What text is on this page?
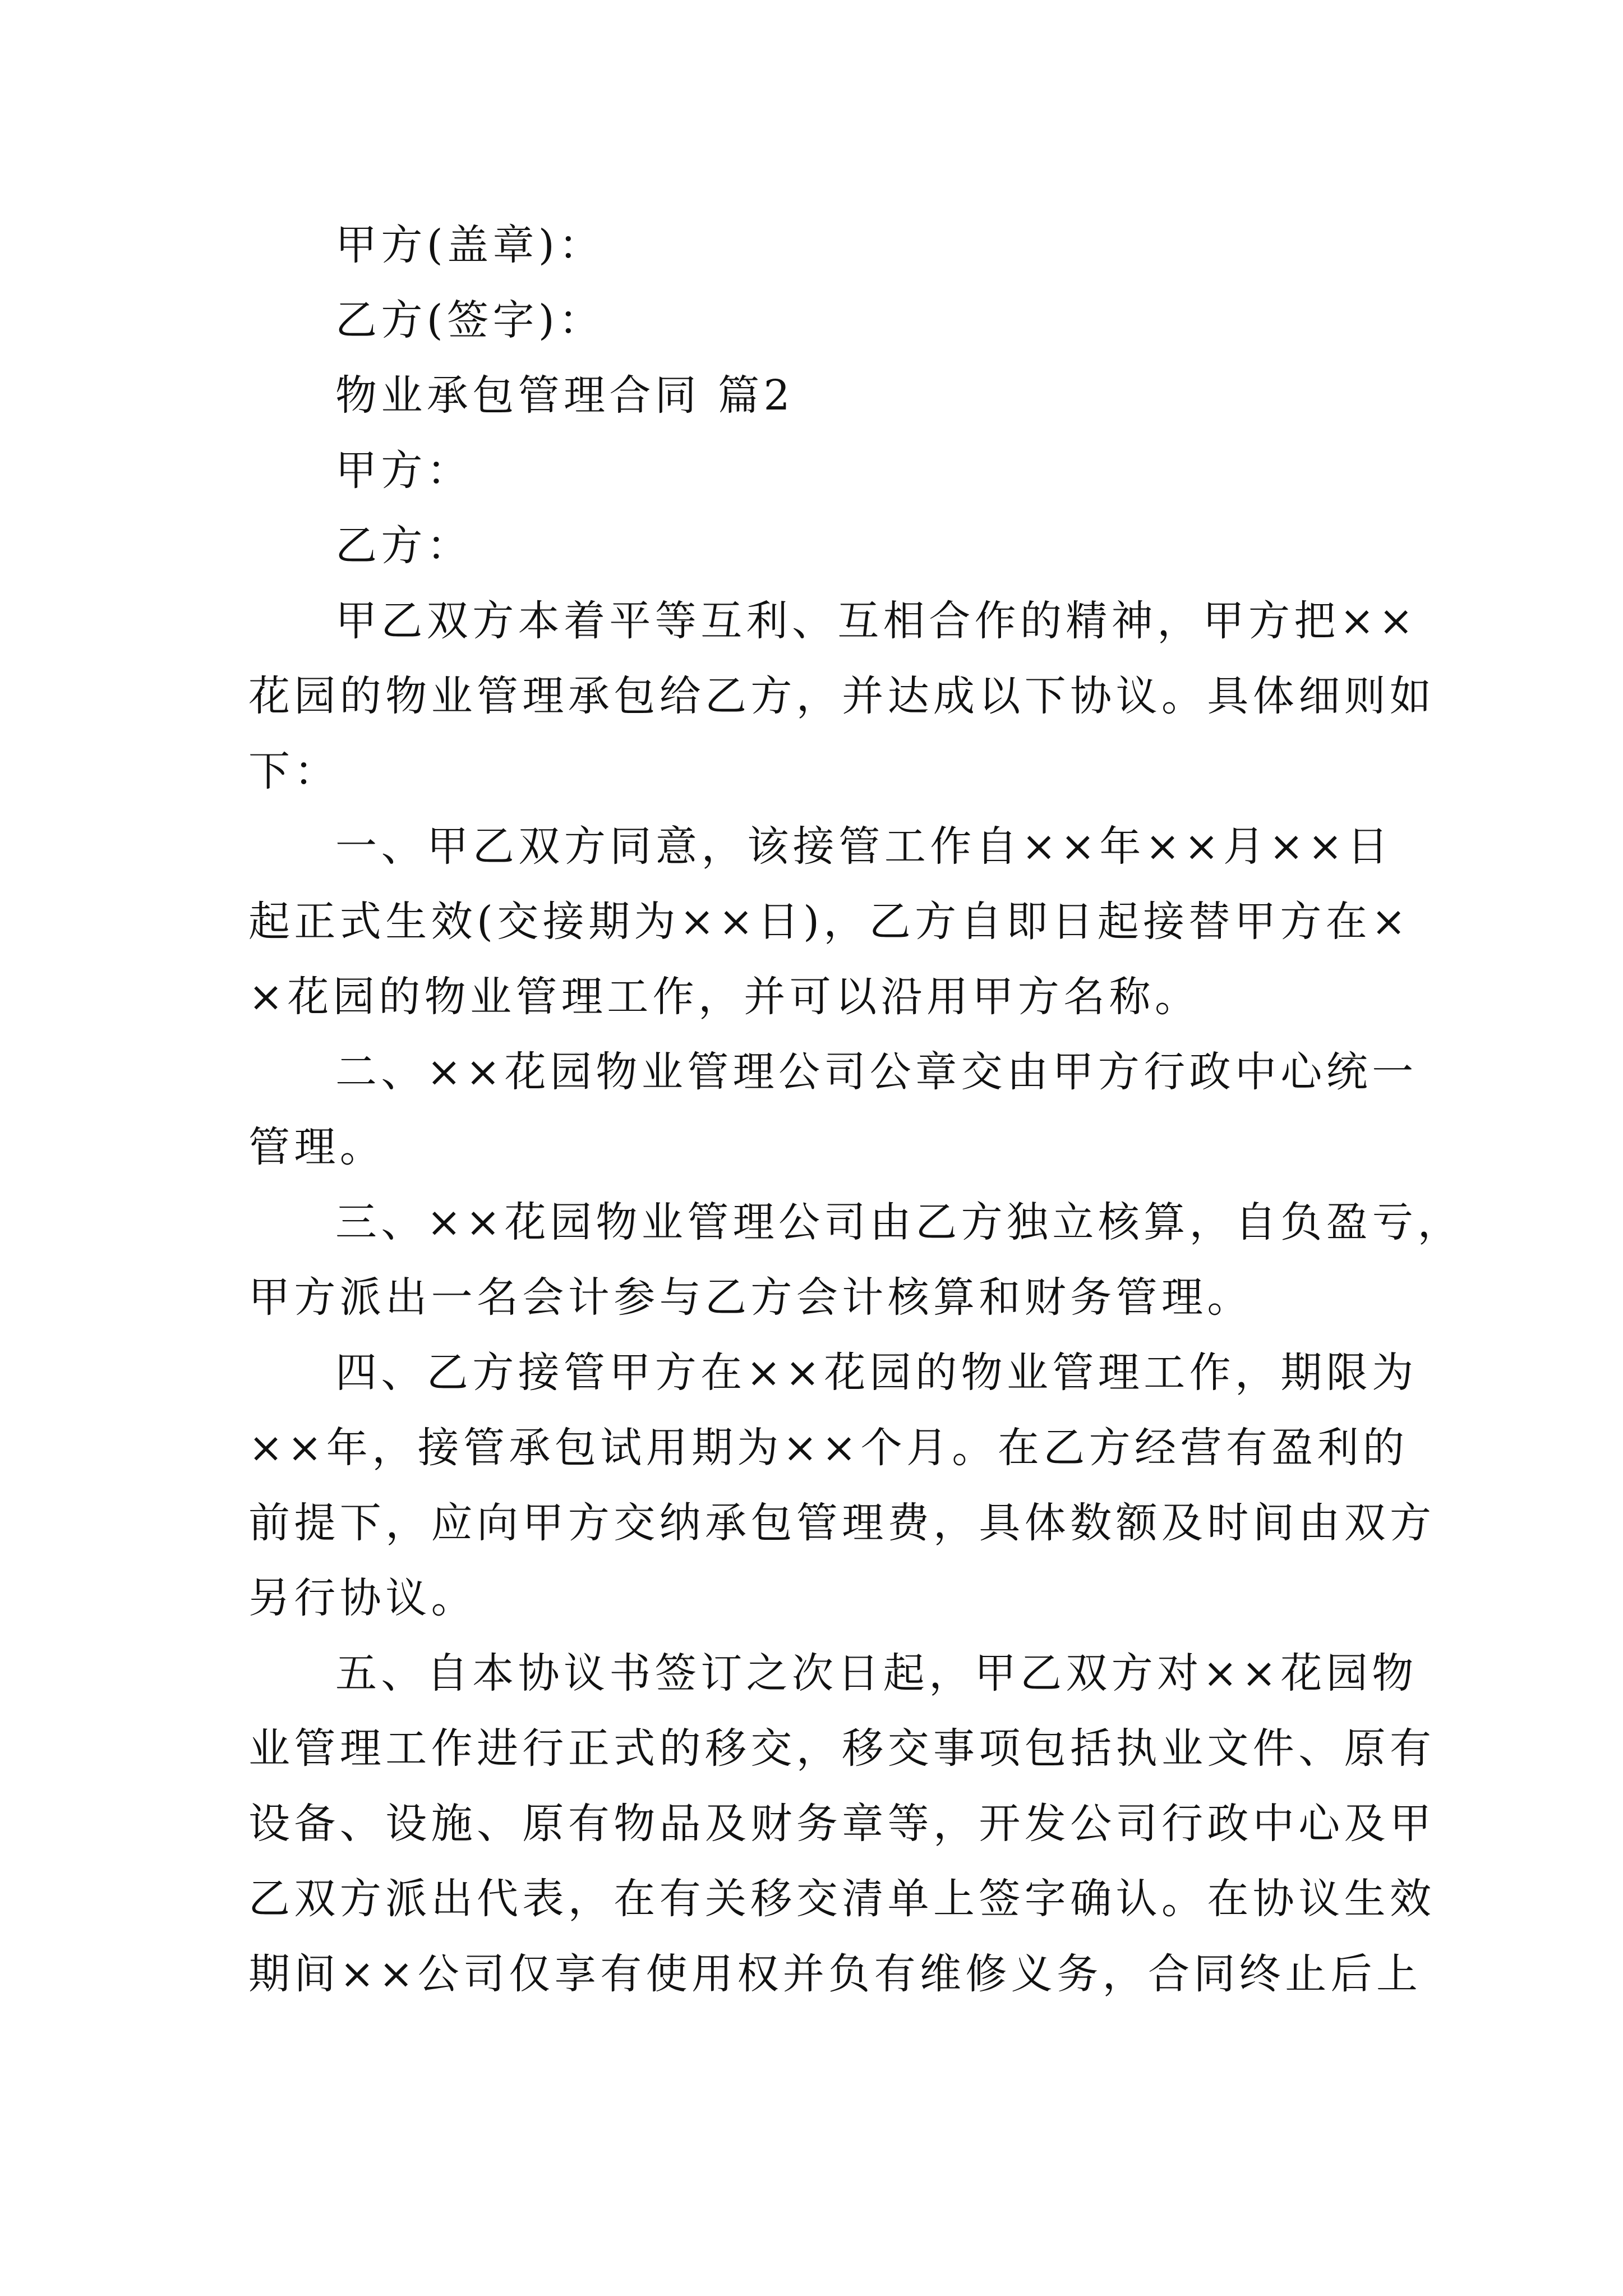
甲方(盖章)：
乙方(签字)：
物业承包管理合同 篇2
甲方：
乙方：
甲乙双方本着平等互利、互相合作的精神，甲方把××
花园的物业管理承包给乙方，并达成以下协议。具体细则如
下：
一、甲乙双方同意，该接管工作自××年××月××日
起正式生效(交接期为××日)，乙方自即日起接替甲方在×
×花园的物业管理工作，并可以沿用甲方名称。
二、××花园物业管理公司公章交由甲方行政中心统一
管理。
三、××花园物业管理公司由乙方独立核算，自负盈亏，
甲方派出一名会计参与乙方会计核算和财务管理。
四、乙方接管甲方在××花园的物业管理工作，期限为
××年，接管承包试用期为××个月。在乙方经营有盈利的
前提下，应向甲方交纳承包管理费，具体数额及时间由双方
另行协议。
五、自本协议书签订之次日起，甲乙双方对××花园物
业管理工作进行正式的移交，移交事项包括执业文件、原有
设备、设施、原有物品及财务章等，开发公司行政中心及甲
乙双方派出代表，在有关移交清单上签字确认。在协议生效
期间××公司仅享有使用权并负有维修义务，合同终止后上
